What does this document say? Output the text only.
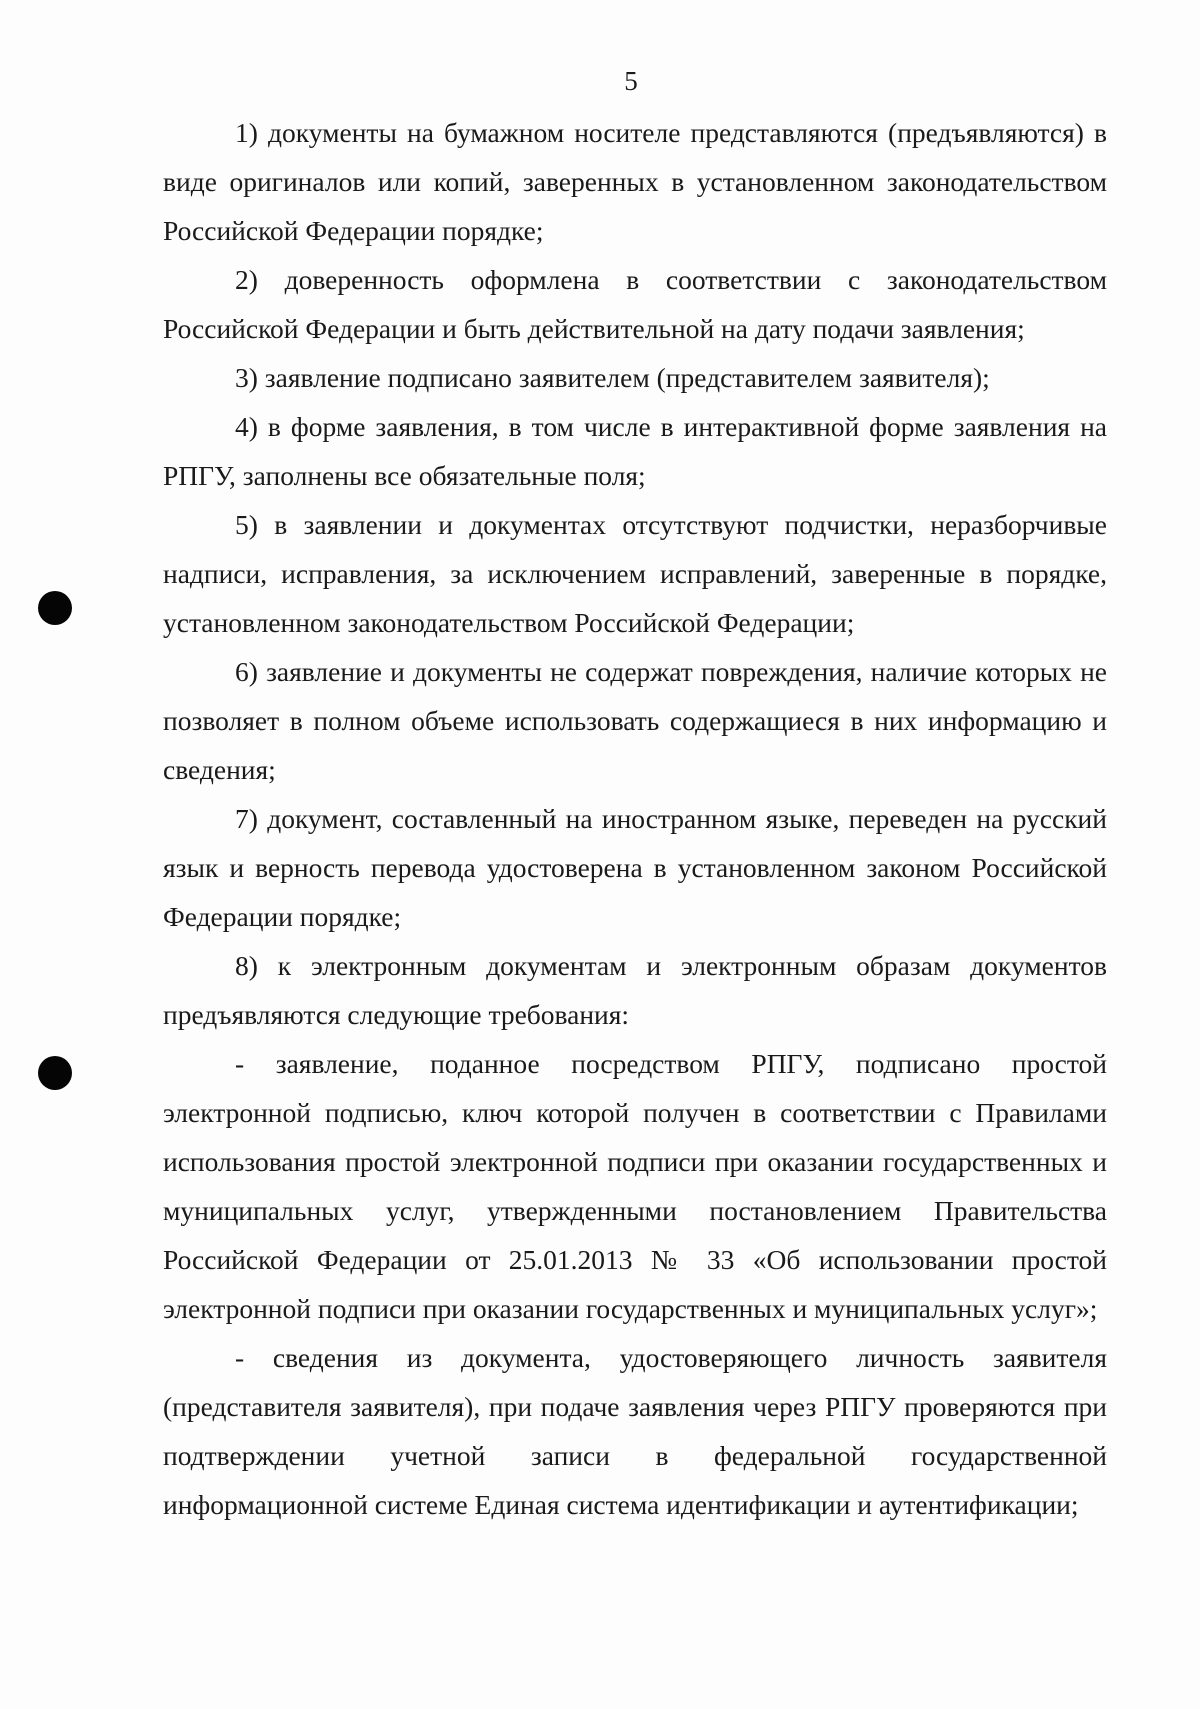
5

1) документы на бумажном носителе представляются (предъявляются) в виде оригиналов или копий, заверенных в установленном законодательством Российской Федерации порядке;

2) доверенность оформлена в соответствии с законодательством Российской Федерации и быть действительной на дату подачи заявления;

3) заявление подписано заявителем (представителем заявителя);

4) в форме заявления, в том числе в интерактивной форме заявления на РПГУ, заполнены все обязательные поля;

5) в заявлении и документах отсутствуют подчистки, неразборчивые надписи, исправления, за исключением исправлений, заверенные в порядке, установленном законодательством Российской Федерации;

6) заявление и документы не содержат повреждения, наличие которых не позволяет в полном объеме использовать содержащиеся в них информацию и сведения;

7) документ, составленный на иностранном языке, переведен на русский язык и верность перевода удостоверена в установленном законом Российской Федерации порядке;

8) к электронным документам и электронным образам документов предъявляются следующие требования:

- заявление, поданное посредством РПГУ, подписано простой электронной подписью, ключ которой получен в соответствии с Правилами использования простой электронной подписи при оказании государственных и муниципальных услуг, утвержденными постановлением Правительства Российской Федерации от 25.01.2013 № 33 «Об использовании простой электронной подписи при оказании государственных и муниципальных услуг»;

- сведения из документа, удостоверяющего личность заявителя (представителя заявителя), при подаче заявления через РПГУ проверяются при подтверждении учетной записи в федеральной государственной информационной системе Единая система идентификации и аутентификации;
